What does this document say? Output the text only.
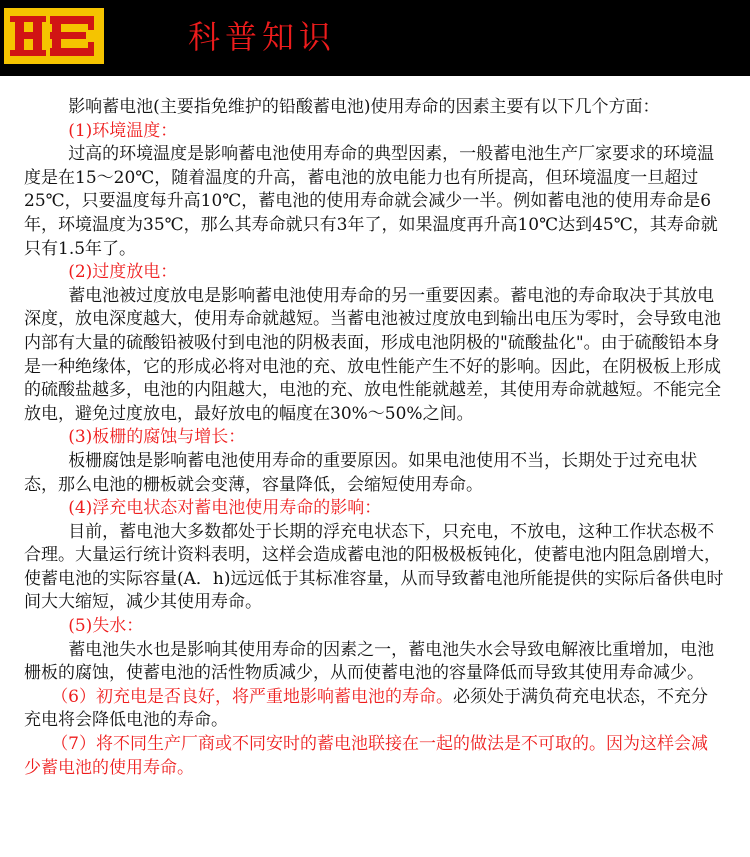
科普知识

影响蓄电池(主要指免维护的铅酸蓄电池)使用寿命的因素主要有以下几个方面：

(1)环境温度：

过高的环境温度是影响蓄电池使用寿命的典型因素，一般蓄电池生产厂家要求的环境温度是在15～20℃，随着温度的升高，蓄电池的放电能力也有所提高，但环境温度一旦超过25℃，只要温度每升高10℃，蓄电池的使用寿命就会减少一半。例如蓄电池的使用寿命是6年，环境温度为35℃，那么其寿命就只有3年了，如果温度再升高10℃达到45℃，其寿命就只有1.5年了。

(2)过度放电：

蓄电池被过度放电是影响蓄电池使用寿命的另一重要因素。蓄电池的寿命取决于其放电深度，放电深度越大，使用寿命就越短。当蓄电池被过度放电到输出电压为零时，会导致电池内部有大量的硫酸铅被吸付到电池的阴极表面，形成电池阴极的"硫酸盐化"。由于硫酸铅本身是一种绝缘体，它的形成必将对电池的充、放电性能产生不好的影响。因此，在阴极板上形成的硫酸盐越多，电池的内阻越大，电池的充、放电性能就越差，其使用寿命就越短。不能完全放电，避免过度放电，最好放电的幅度在30%～50%之间。

(3)板栅的腐蚀与增长：

板栅腐蚀是影响蓄电池使用寿命的重要原因。如果电池使用不当，长期处于过充电状态，那么电池的栅板就会变薄，容量降低，会缩短使用寿命。

(4)浮充电状态对蓄电池使用寿命的影响：

目前，蓄电池大多数都处于长期的浮充电状态下，只充电，不放电，这种工作状态极不合理。大量运行统计资料表明，这样会造成蓄电池的阳极极板钝化，使蓄电池内阻急剧增大，使蓄电池的实际容量(A．h)远远低于其标准容量，从而导致蓄电池所能提供的实际后备供电时间大大缩短，减少其使用寿命。

(5)失水：

蓄电池失水也是影响其使用寿命的因素之一，蓄电池失水会导致电解液比重增加，电池栅板的腐蚀，使蓄电池的活性物质减少，从而使蓄电池的容量降低而导致其使用寿命减少。

（6）初充电是否良好，将严重地影响蓄电池的寿命。必须处于满负荷充电状态，不充分充电将会降低电池的寿命。

（7）将不同生产厂商或不同安时的蓄电池联接在一起的做法是不可取的。因为这样会减少蓄电池的使用寿命。
